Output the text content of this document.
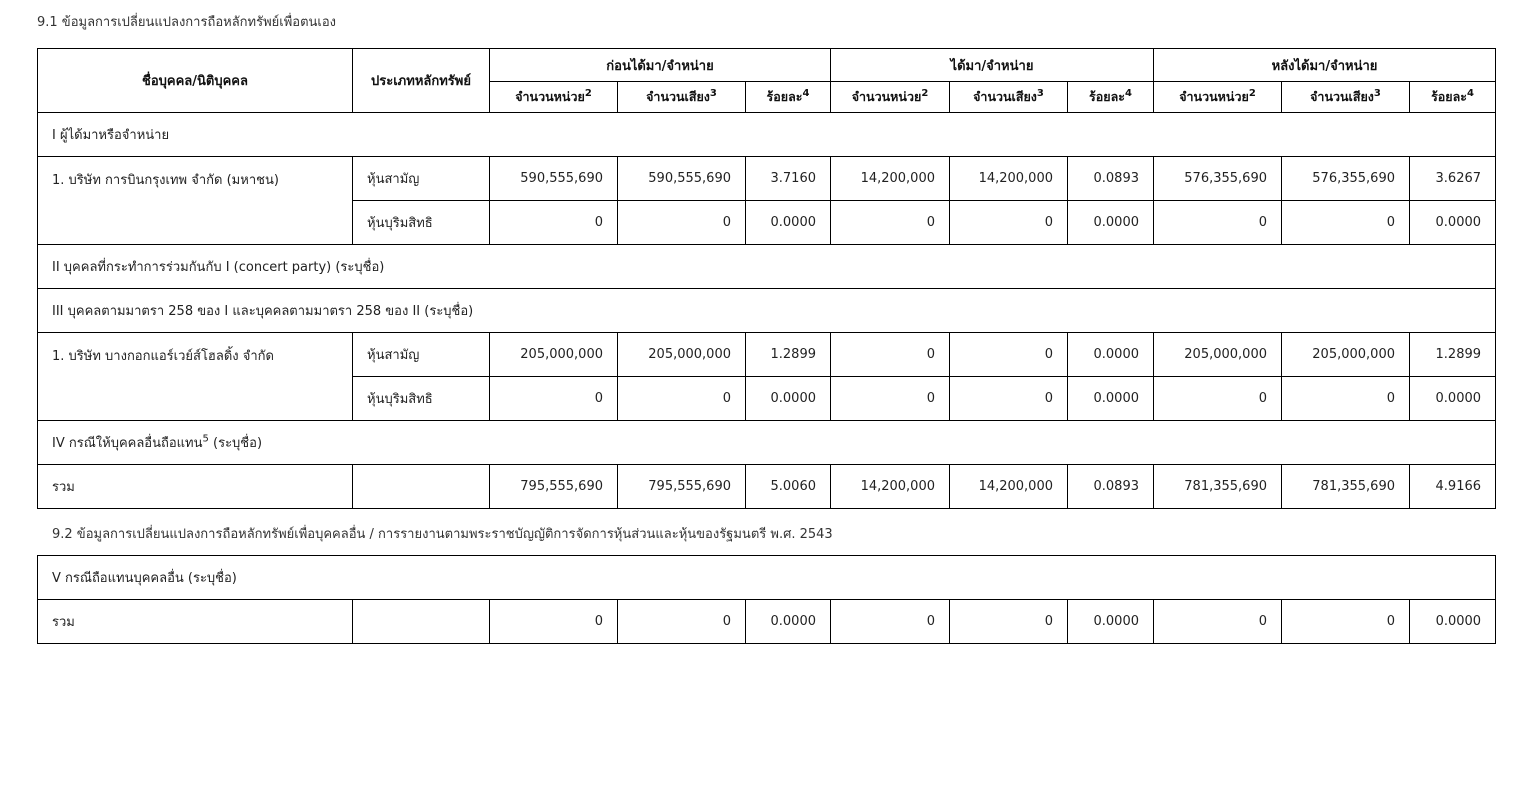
9.1 ข้อมูลการเปลี่ยนแปลงการถือหลักทรัพย์เพื่อตนเอง
ชื่อบุคคล/นิติบุคคล	ประเภทหลักทรัพย์	ก่อนได้มา/จำหน่าย			ได้มา/จำหน่าย			หลังได้มา/จำหน่าย		
		จำนวนหน่วย$^2$	จำนวนเสียง$^3$	ร้อยละ$^4$	จำนวนหน่วย$^2$	จำนวนเสียง$^3$	ร้อยละ$^4$	จำนวนหน่วย$^2$	จำนวนเสียง$^3$	ร้อยละ$^4$
I ผู้ได้มาหรือจำหน่าย										
1. บริษัท การบินกรุงเทพ จำกัด (มหาชน)	หุ้นสามัญ	590,555,690	590,555,690	3.7160	14,200,000	14,200,000	0.0893	576,355,690	576,355,690	3.6267
	หุ้นบุริมสิทธิ	0	0	0.0000	0	0	0.0000	0	0	0.0000
II บุคคลที่กระทำการร่วมกันกับ I (concert party) (ระบุชื่อ)										
III บุคคลตามมาตรา 258 ของ I และบุคคลตามมาตรา 258 ของ II (ระบุชื่อ)										
1. บริษัท บางกอกแอร์เวย์ส์โฮลดิ้ง จำกัด	หุ้นสามัญ	205,000,000	205,000,000	1.2899	0	0	0.0000	205,000,000	205,000,000	1.2899
	หุ้นบุริมสิทธิ	0	0	0.0000	0	0	0.0000	0	0	0.0000
IV กรณีให้บุคคลอื่นถือแทน$^5$ (ระบุชื่อ)										
รวม		795,555,690	795,555,690	5.0060	14,200,000	14,200,000	0.0893	781,355,690	781,355,690	4.9166
9.2 ข้อมูลการเปลี่ยนแปลงการถือหลักทรัพย์เพื่อบุคคลอื่น / การรายงานตามพระราชบัญญัติการจัดการหุ้นส่วนและหุ้นของรัฐมนตรี พ.ศ. 2543
V กรณีถือแทนบุคคลอื่น (ระบุชื่อ)
รวม		0	0	0.0000	0	0	0.0000	0	0	0.0000
